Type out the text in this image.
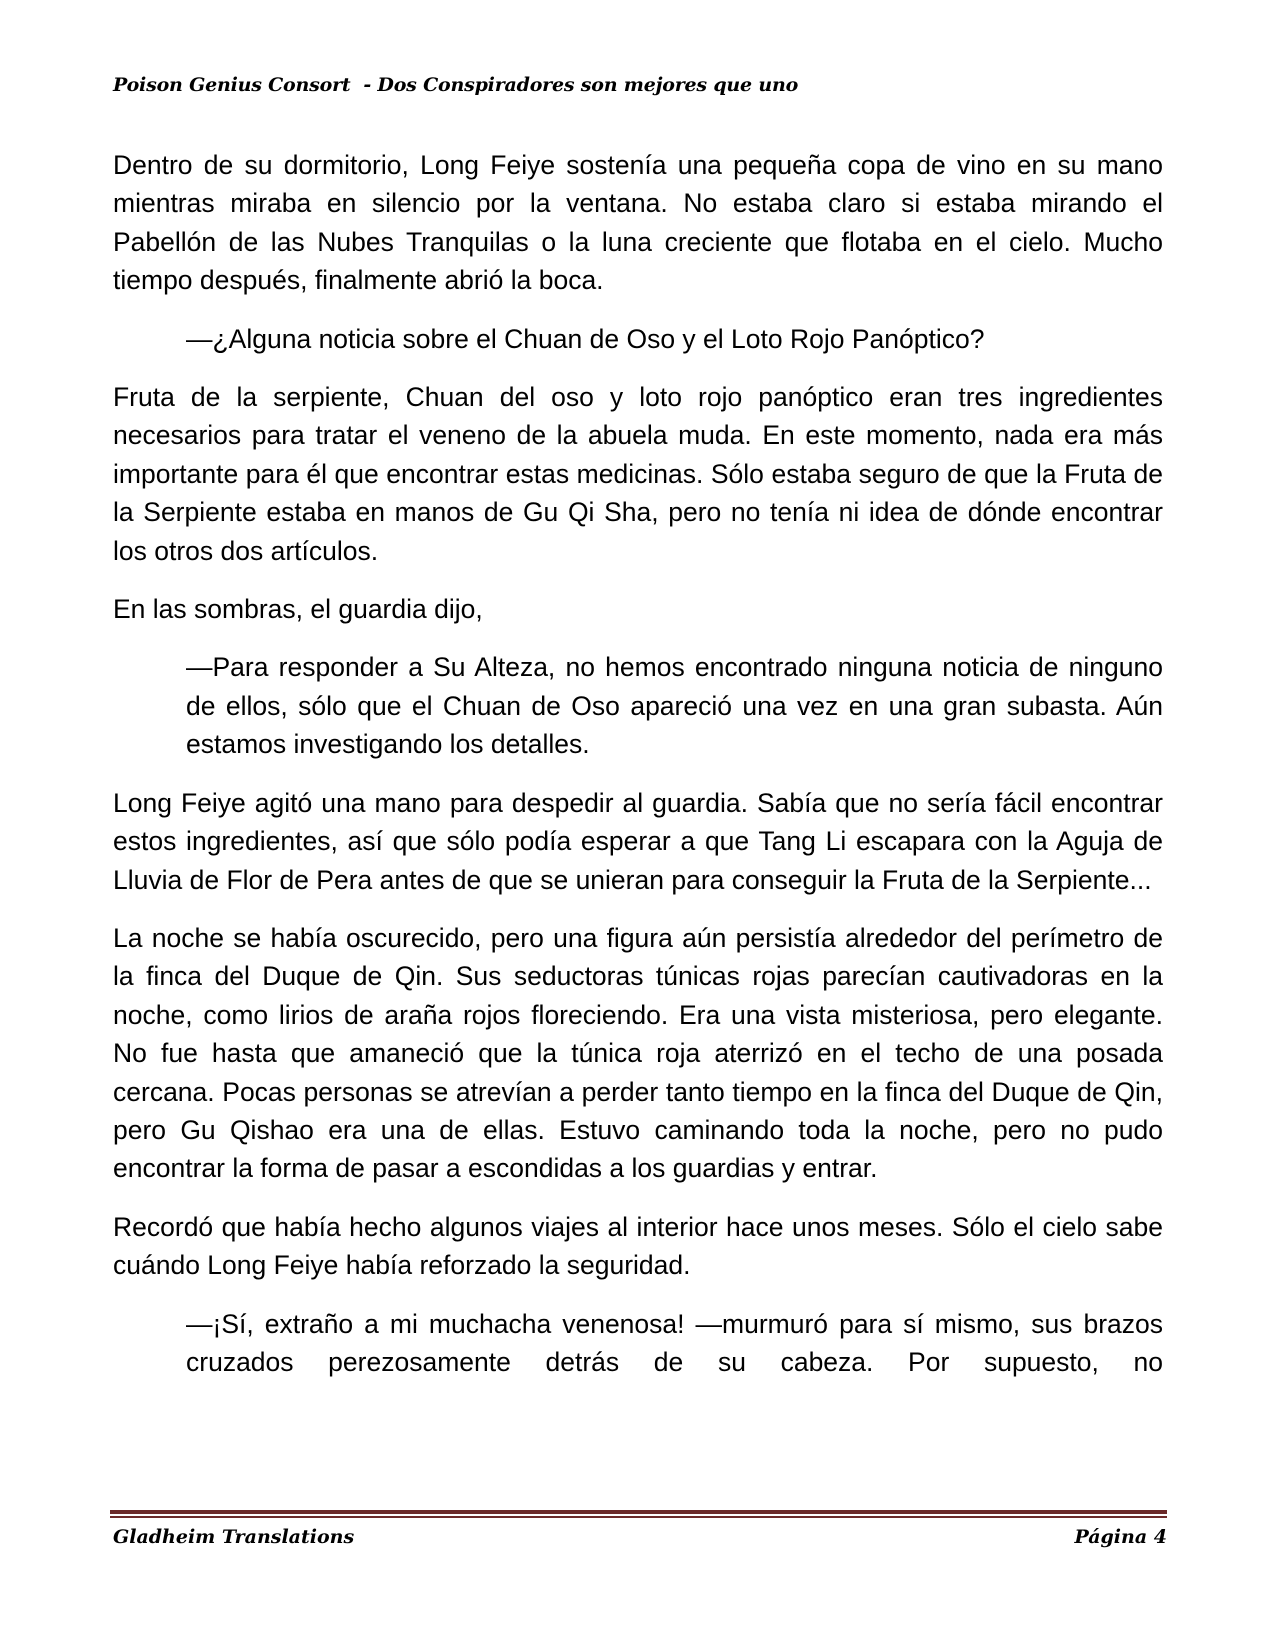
Poison Genius Consort  - Dos Conspiradores son mejores que uno

Dentro de su dormitorio, Long Feiye sostenía una pequeña copa de vino en su mano mientras miraba en silencio por la ventana. No estaba claro si estaba mirando el Pabellón de las Nubes Tranquilas o la luna creciente que flotaba en el cielo. Mucho tiempo después, finalmente abrió la boca.

—¿Alguna noticia sobre el Chuan de Oso y el Loto Rojo Panóptico?

Fruta de la serpiente, Chuan del oso y loto rojo panóptico eran tres ingredientes necesarios para tratar el veneno de la abuela muda. En este momento, nada era más importante para él que encontrar estas medicinas. Sólo estaba seguro de que la Fruta de la Serpiente estaba en manos de Gu Qi Sha, pero no tenía ni idea de dónde encontrar los otros dos artículos.

En las sombras, el guardia dijo,

—Para responder a Su Alteza, no hemos encontrado ninguna noticia de ninguno de ellos, sólo que el Chuan de Oso apareció una vez en una gran subasta. Aún estamos investigando los detalles.

Long Feiye agitó una mano para despedir al guardia. Sabía que no sería fácil encontrar estos ingredientes, así que sólo podía esperar a que Tang Li escapara con la Aguja de Lluvia de Flor de Pera antes de que se unieran para conseguir la Fruta de la Serpiente...

La noche se había oscurecido, pero una figura aún persistía alrededor del perímetro de la finca del Duque de Qin. Sus seductoras túnicas rojas parecían cautivadoras en la noche, como lirios de araña rojos floreciendo. Era una vista misteriosa, pero elegante. No fue hasta que amaneció que la túnica roja aterrizó en el techo de una posada cercana. Pocas personas se atrevían a perder tanto tiempo en la finca del Duque de Qin, pero Gu Qishao era una de ellas. Estuvo caminando toda la noche, pero no pudo encontrar la forma de pasar a escondidas a los guardias y entrar.

Recordó que había hecho algunos viajes al interior hace unos meses. Sólo el cielo sabe cuándo Long Feiye había reforzado la seguridad.

—¡Sí, extraño a mi muchacha venenosa! —murmuró para sí mismo, sus brazos cruzados perezosamente detrás de su cabeza. Por supuesto, no

Gladheim Translations	Página 4
